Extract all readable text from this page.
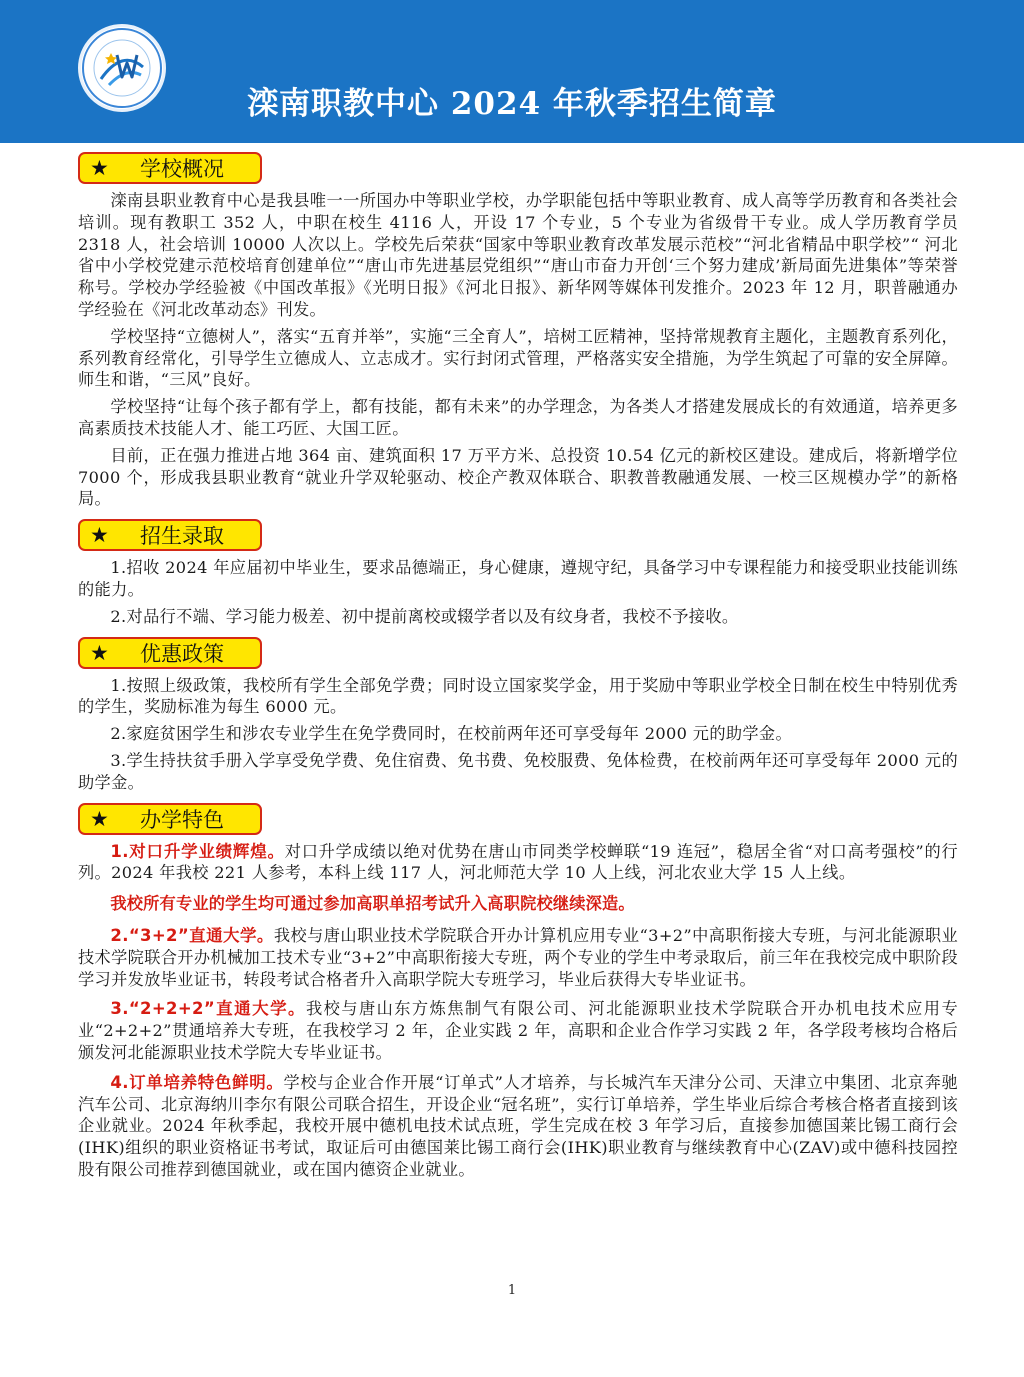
滦南职教中心 2024 年秋季招生简章
★	学校概况

滦南县职业教育中心是我县唯一一所国办中等职业学校，办学职能包括中等职业教育、成人高等学历教育和各类社会培训。现有教职工 352 人，中职在校生 4116 人，开设 17 个专业，5 个专业为省级骨干专业。成人学历教育学员 2318 人，社会培训 10000 人次以上。学校先后荣获“国家中等职业教育改革发展示范校”“河北省精品中职学校”“ 河北省中小学校党建示范校培育创建单位”“唐山市先进基层党组织”“唐山市奋力开创‘三个努力建成’新局面先进集体”等荣誉称号。学校办学经验被《中国改革报》《光明日报》《河北日报》、新华网等媒体刊发推介。2023 年 12 月，职普融通办学经验在《河北改革动态》刊发。

学校坚持“立德树人”，落实“五育并举”，实施“三全育人”，培树工匠精神，坚持常规教育主题化，主题教育系列化，系列教育经常化，引导学生立德成人、立志成才。实行封闭式管理，严格落实安全措施，为学生筑起了可靠的安全屏障。师生和谐，“三风”良好。

学校坚持“让每个孩子都有学上，都有技能，都有未来”的办学理念，为各类人才搭建发展成长的有效通道，培养更多高素质技术技能人才、能工巧匠、大国工匠。

目前，正在强力推进占地 364 亩、建筑面积 17 万平方米、总投资 10.54 亿元的新校区建设。建成后，将新增学位 7000 个，形成我县职业教育“就业升学双轮驱动、校企产教双体联合、职教普教融通发展、一校三区规模办学”的新格局。

★	招生录取

1.招收 2024 年应届初中毕业生，要求品德端正，身心健康，遵规守纪，具备学习中专课程能力和接受职业技能训练的能力。

2.对品行不端、学习能力极差、初中提前离校或辍学者以及有纹身者，我校不予接收。

★	优惠政策

1.按照上级政策，我校所有学生全部免学费；同时设立国家奖学金，用于奖励中等职业学校全日制在校生中特别优秀的学生，奖励标准为每生 6000 元。

2.家庭贫困学生和涉农专业学生在免学费同时，在校前两年还可享受每年 2000 元的助学金。

3.学生持扶贫手册入学享受免学费、免住宿费、免书费、免校服费、免体检费，在校前两年还可享受每年 2000 元的助学金。

★	办学特色

1.对口升学业绩辉煌。对口升学成绩以绝对优势在唐山市同类学校蝉联“19 连冠”，稳居全省“对口高考强校”的行列。2024 年我校 221 人参考，本科上线 117 人，河北师范大学 10 人上线，河北农业大学 15 人上线。

我校所有专业的学生均可通过参加高职单招考试升入高职院校继续深造。

2.“3+2”直通大学。我校与唐山职业技术学院联合开办计算机应用专业“3+2”中高职衔接大专班，与河北能源职业技术学院联合开办机械加工技术专业“3+2”中高职衔接大专班，两个专业的学生中考录取后，前三年在我校完成中职阶段学习并发放毕业证书，转段考试合格者升入高职学院大专班学习，毕业后获得大专毕业证书。

3.“2+2+2”直通大学。我校与唐山东方炼焦制气有限公司、河北能源职业技术学院联合开办机电技术应用专业“2+2+2”贯通培养大专班，在我校学习 2 年，企业实践 2 年，高职和企业合作学习实践 2 年，各学段考核均合格后颁发河北能源职业技术学院大专毕业证书。

4.订单培养特色鲜明。学校与企业合作开展“订单式”人才培养，与长城汽车天津分公司、天津立中集团、北京奔驰汽车公司、北京海纳川李尔有限公司联合招生，开设企业“冠名班”，实行订单培养，学生毕业后综合考核合格者直接到该企业就业。2024 年秋季起，我校开展中德机电技术试点班，学生完成在校 3 年学习后，直接参加德国莱比锡工商行会(IHK)组织的职业资格证书考试，取证后可由德国莱比锡工商行会(IHK)职业教育与继续教育中心(ZAV)或中德科技园控股有限公司推荐到德国就业，或在国内德资企业就业。

1
